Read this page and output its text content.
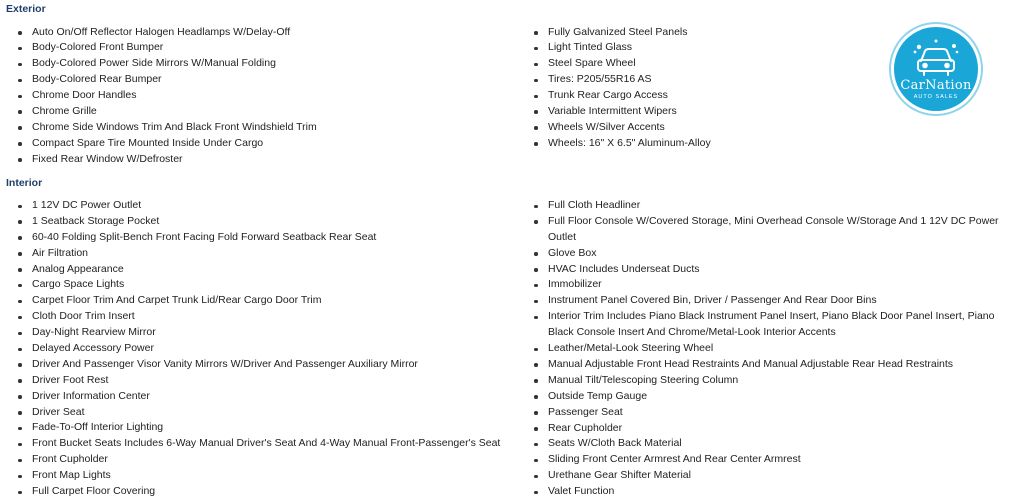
Exterior
Auto On/Off Reflector Halogen Headlamps W/Delay-Off
Body-Colored Front Bumper
Body-Colored Power Side Mirrors W/Manual Folding
Body-Colored Rear Bumper
Chrome Door Handles
Chrome Grille
Chrome Side Windows Trim And Black Front Windshield Trim
Compact Spare Tire Mounted Inside Under Cargo
Fixed Rear Window W/Defroster
Fully Galvanized Steel Panels
Light Tinted Glass
Steel Spare Wheel
Tires: P205/55R16 AS
Trunk Rear Cargo Access
Variable Intermittent Wipers
Wheels W/Silver Accents
Wheels: 16" X 6.5" Aluminum-Alloy
Interior
1 12V DC Power Outlet
1 Seatback Storage Pocket
60-40 Folding Split-Bench Front Facing Fold Forward Seatback Rear Seat
Air Filtration
Analog Appearance
Cargo Space Lights
Carpet Floor Trim And Carpet Trunk Lid/Rear Cargo Door Trim
Cloth Door Trim Insert
Day-Night Rearview Mirror
Delayed Accessory Power
Driver And Passenger Visor Vanity Mirrors W/Driver And Passenger Auxiliary Mirror
Driver Foot Rest
Driver Information Center
Driver Seat
Fade-To-Off Interior Lighting
Front Bucket Seats Includes 6-Way Manual Driver's Seat And 4-Way Manual Front-Passenger's Seat
Front Cupholder
Front Map Lights
Full Carpet Floor Covering
Full Cloth Headliner
Full Floor Console W/Covered Storage, Mini Overhead Console W/Storage And 1 12V DC Power Outlet
Glove Box
HVAC Includes Underseat Ducts
Immobilizer
Instrument Panel Covered Bin, Driver / Passenger And Rear Door Bins
Interior Trim Includes Piano Black Instrument Panel Insert, Piano Black Door Panel Insert, Piano Black Console Insert And Chrome/Metal-Look Interior Accents
Leather/Metal-Look Steering Wheel
Manual Adjustable Front Head Restraints And Manual Adjustable Rear Head Restraints
Manual Tilt/Telescoping Steering Column
Outside Temp Gauge
Passenger Seat
Rear Cupholder
Seats W/Cloth Back Material
Sliding Front Center Armrest And Rear Center Armrest
Urethane Gear Shifter Material
Valet Function
CarNation
AUTO SALES
